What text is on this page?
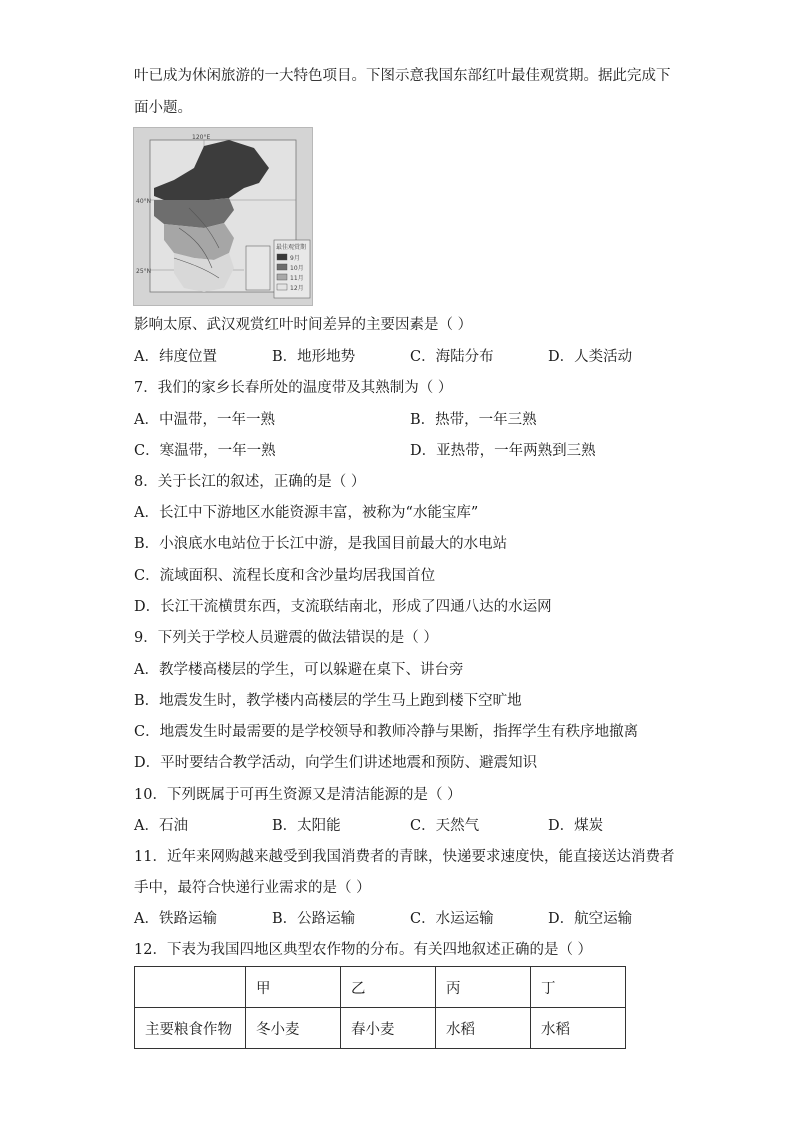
叶已成为休闲旅游的一大特色项目。下图示意我国东部红叶最佳观赏期。据此完成下
面小题。
120°E
40°N
25°N
最佳观赏期
9月
10月
11月
12月
影响太原、武汉观赏红叶时间差异的主要因素是（ ）
A．纬度位置	B．地形地势	C．海陆分布	D．人类活动
7．我们的家乡长春所处的温度带及其熟制为（ ）
A．中温带，一年一熟	B．热带，一年三熟
C．寒温带，一年一熟	D．亚热带，一年两熟到三熟
8．关于长江的叙述，正确的是（ ）
A．长江中下游地区水能资源丰富，被称为“水能宝库”
B．小浪底水电站位于长江中游，是我国目前最大的水电站
C．流域面积、流程长度和含沙量均居我国首位
D．长江干流横贯东西，支流联结南北，形成了四通八达的水运网
9．下列关于学校人员避震的做法错误的是（ ）
A．教学楼高楼层的学生，可以躲避在桌下、讲台旁
B．地震发生时，教学楼内高楼层的学生马上跑到楼下空旷地
C．地震发生时最需要的是学校领导和教师冷静与果断，指挥学生有秩序地撤离
D．平时要结合教学活动，向学生们讲述地震和预防、避震知识
10．下列既属于可再生资源又是清洁能源的是（ ）
A．石油	B．太阳能	C．天然气	D．煤炭
11．近年来网购越来越受到我国消费者的青睐，快递要求速度快，能直接送达消费者
手中，最符合快递行业需求的是（ ）
A．铁路运输	B．公路运输	C．水运运输	D．航空运输
12．下表为我国四地区典型农作物的分布。有关四地叙述正确的是（ ）
	甲	乙	丙	丁
主要粮食作物	冬小麦	春小麦	水稻	水稻
